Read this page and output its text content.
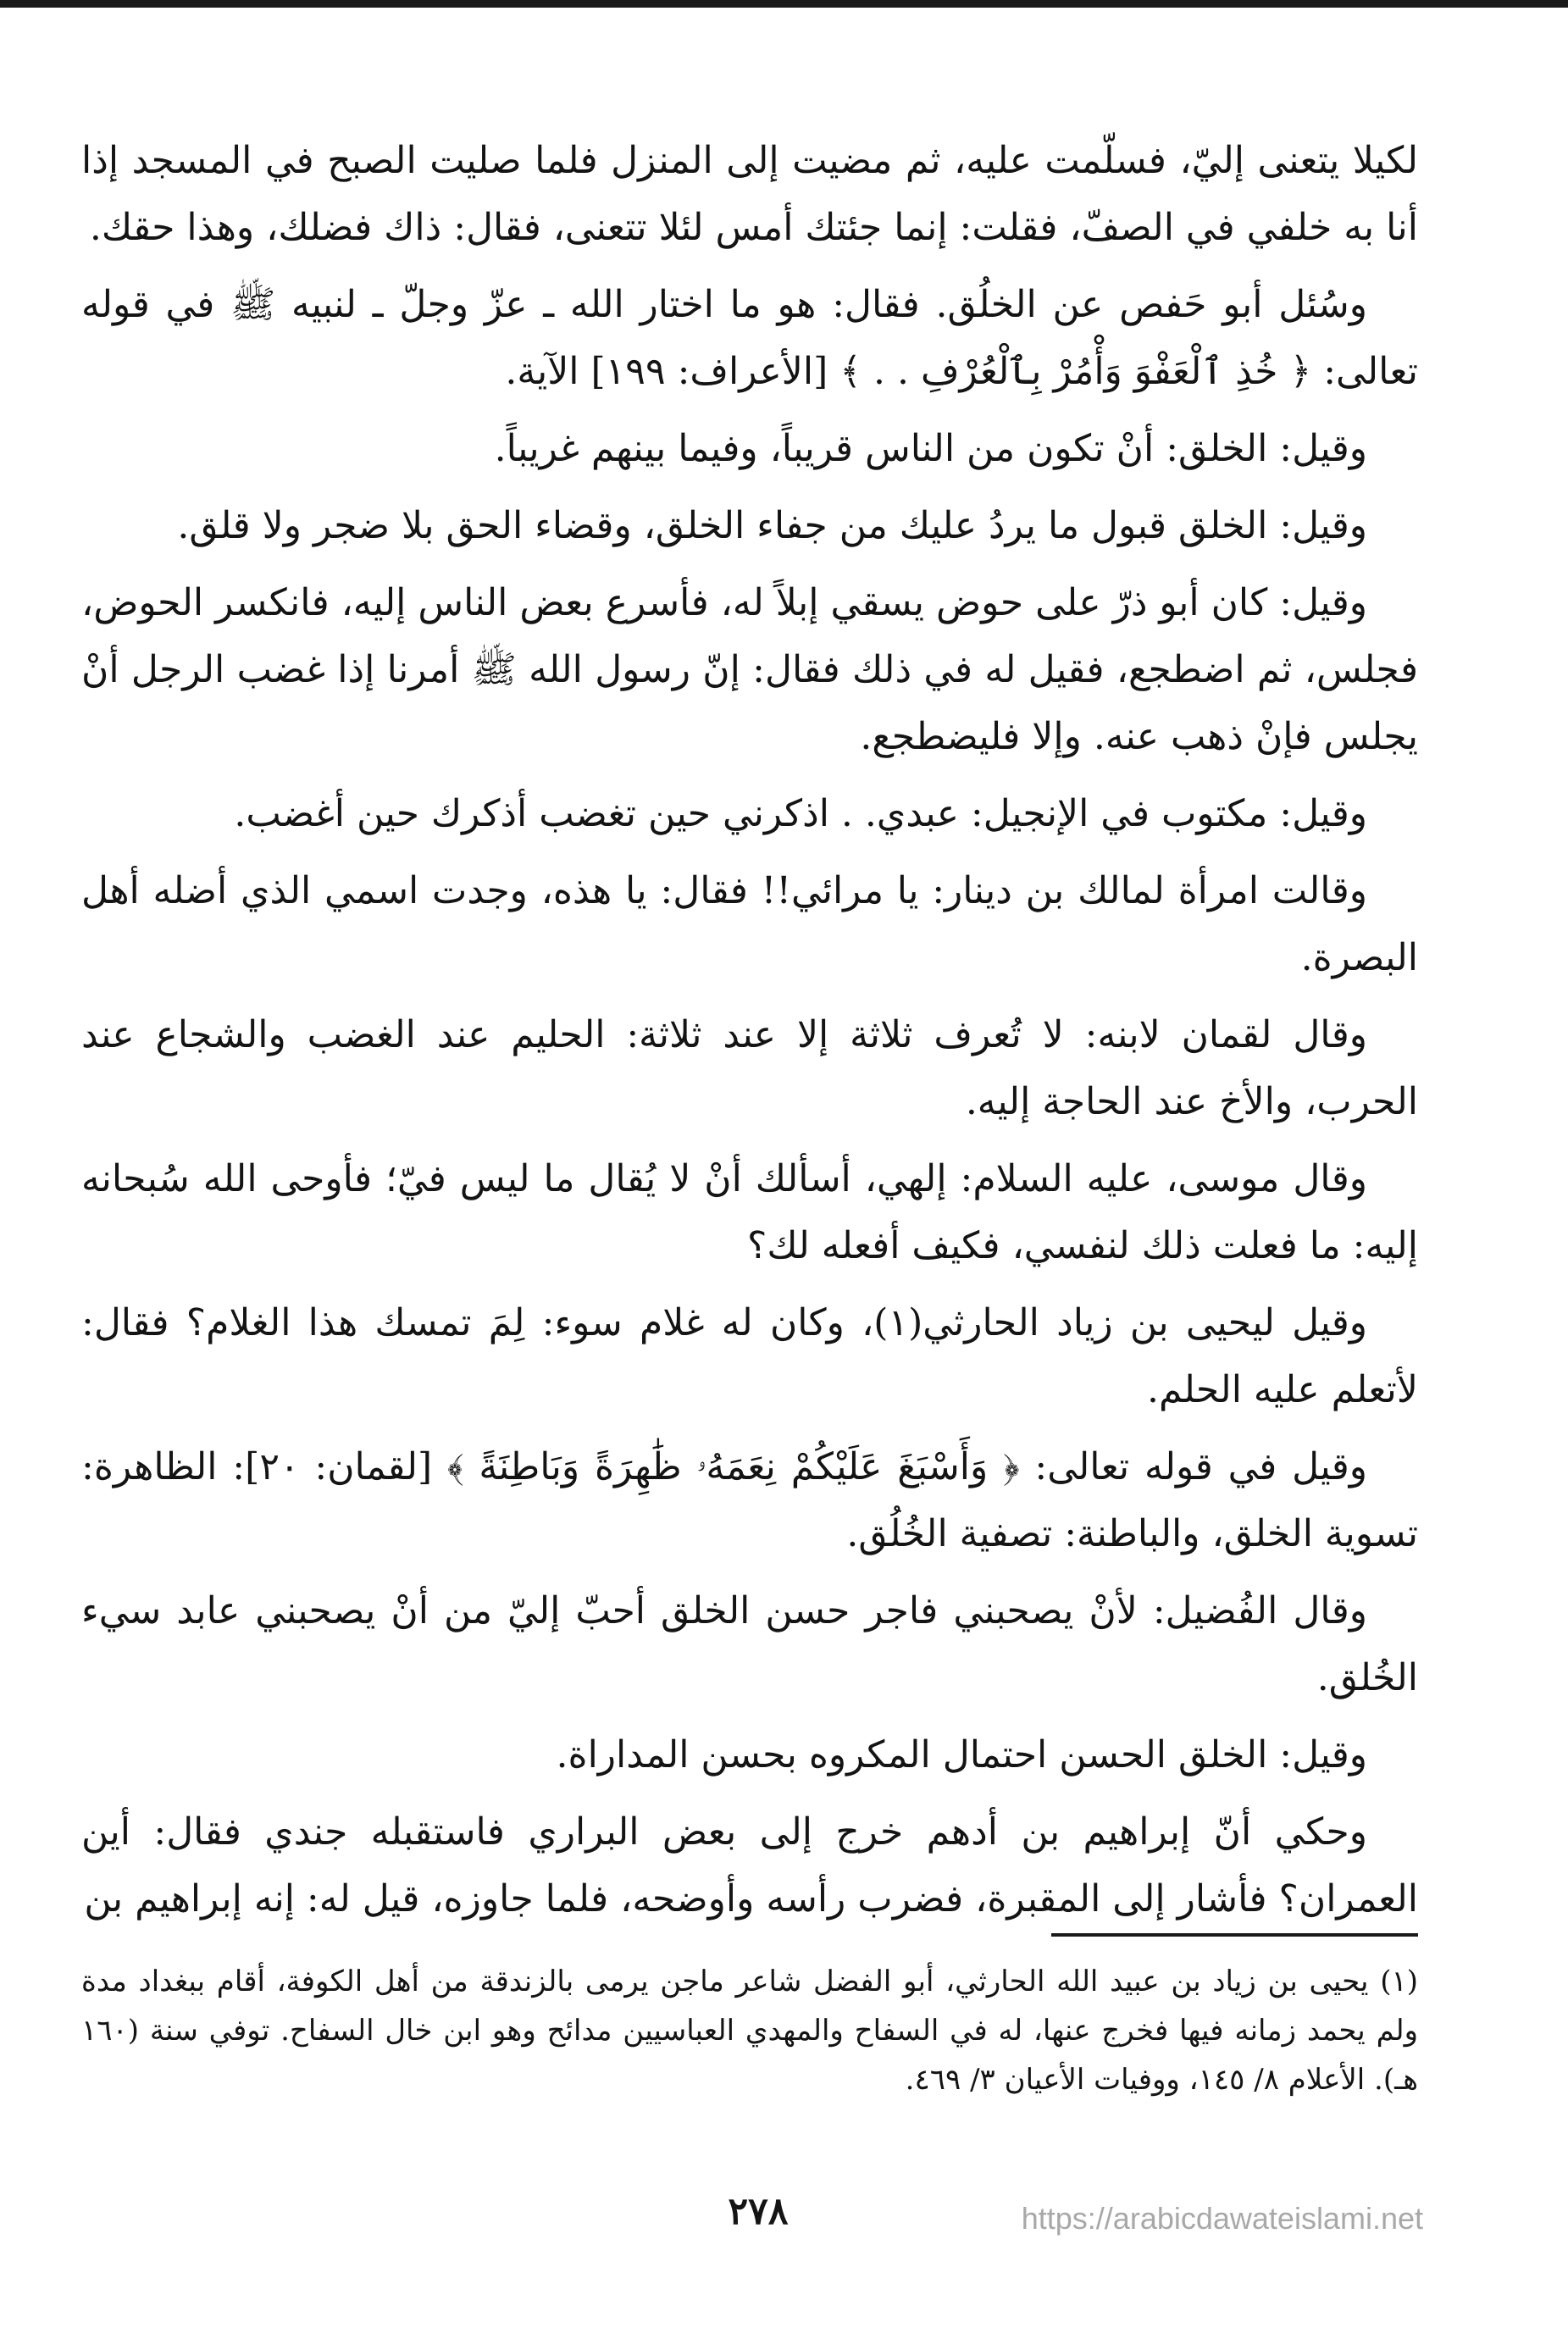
لكيلا يتعنى إليّ، فسلّمت عليه، ثم مضيت إلى المنزل فلما صليت الصبح في المسجد إذا أنا به خلفي في الصفّ، فقلت: إنما جئتك أمس لئلا تتعنى، فقال: ذاك فضلك، وهذا حقك.

وسُئل أبو حَفص عن الخلُق. فقال: هو ما اختار الله ـ عزّ وجلّ ـ لنبيه ﷺ في قوله تعالى: ﴿ خُذِ ٱلْعَفْوَ وَأْمُرْ بِٱلْعُرْفِ . . ﴾ [الأعراف: ١٩٩] الآية.

وقيل: الخلق: أنْ تكون من الناس قريباً، وفيما بينهم غريباً.

وقيل: الخلق قبول ما يردُ عليك من جفاء الخلق، وقضاء الحق بلا ضجر ولا قلق.

وقيل: كان أبو ذرّ على حوض يسقي إبلاً له، فأسرع بعض الناس إليه، فانكسر الحوض، فجلس، ثم اضطجع، فقيل له في ذلك فقال: إنّ رسول الله ﷺ أمرنا إذا غضب الرجل أنْ يجلس فإنْ ذهب عنه. وإلا فليضطجع.

وقيل: مكتوب في الإنجيل: عبدي. . اذكرني حين تغضب أذكرك حين أغضب.

وقالت امرأة لمالك بن دينار: يا مرائي!! فقال: يا هذه، وجدت اسمي الذي أضله أهل البصرة.

وقال لقمان لابنه: لا تُعرف ثلاثة إلا عند ثلاثة: الحليم عند الغضب والشجاع عند الحرب، والأخ عند الحاجة إليه.

وقال موسى، عليه السلام: إلهي، أسألك أنْ لا يُقال ما ليس فيّ؛ فأوحى الله سُبحانه إليه: ما فعلت ذلك لنفسي، فكيف أفعله لك؟

وقيل ليحيى بن زياد الحارثي(١)، وكان له غلام سوء: لِمَ تمسك هذا الغلام؟ فقال: لأتعلم عليه الحلم.

وقيل في قوله تعالى: ﴿ وَأَسْبَغَ عَلَيْكُمْ نِعَمَهُۥ ظَٰهِرَةً وَبَاطِنَةً ﴾ [لقمان: ٢٠]: الظاهرة: تسوية الخلق، والباطنة: تصفية الخُلُق.

وقال الفُضيل: لأنْ يصحبني فاجر حسن الخلق أحبّ إليّ من أنْ يصحبني عابد سيء الخُلق.

وقيل: الخلق الحسن احتمال المكروه بحسن المداراة.

وحكي أنّ إبراهيم بن أدهم خرج إلى بعض البراري فاستقبله جندي فقال: أين العمران؟ فأشار إلى المقبرة، فضرب رأسه وأوضحه، فلما جاوزه، قيل له: إنه إبراهيم بن

(١) يحيى بن زياد بن عبيد الله الحارثي، أبو الفضل شاعر ماجن يرمى بالزندقة من أهل الكوفة، أقام ببغداد مدة ولم يحمد زمانه فيها فخرج عنها، له في السفاح والمهدي العباسيين مدائح وهو ابن خال السفاح. توفي سنة (١٦٠ هـ). الأعلام ٨/ ١٤٥، ووفيات الأعيان ٣/ ٤٦٩.

٢٧٨	https://arabicdawateislami.net
